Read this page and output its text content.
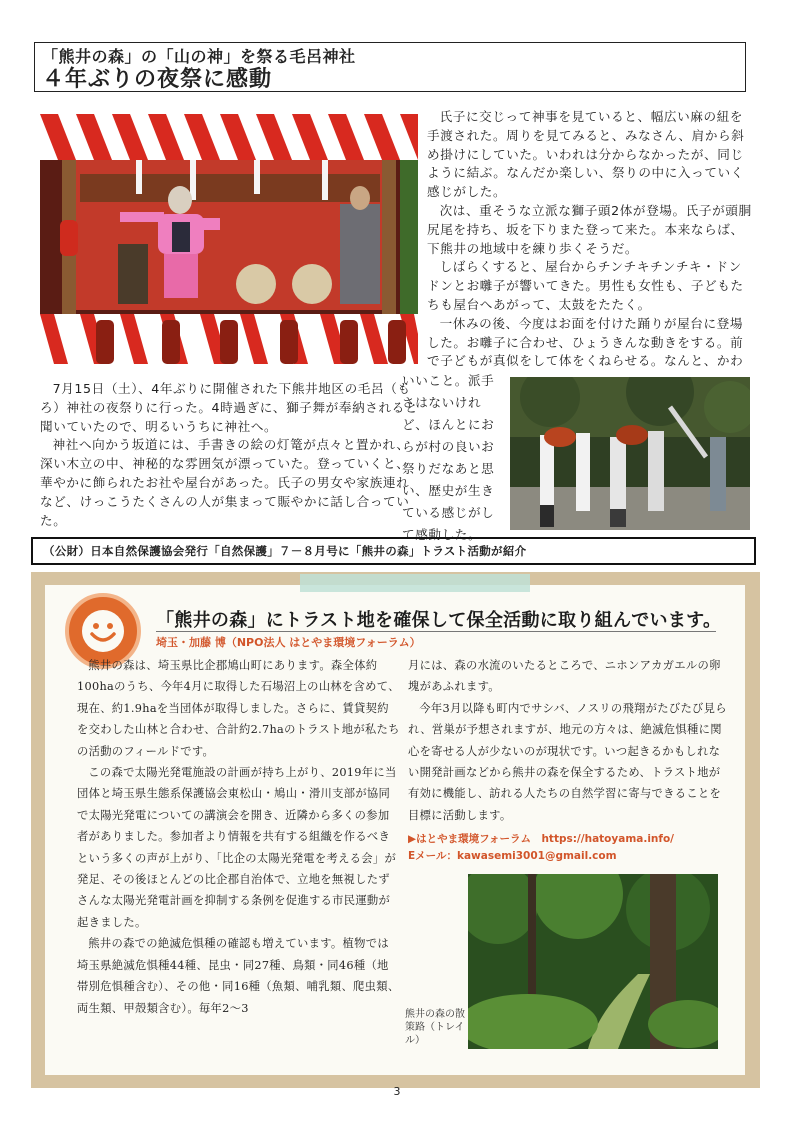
「熊井の森」の「山の神」を祭る毛呂神社
４年ぶりの夜祭に感動

氏子に交じって神事を見ていると、幅広い麻の紐を手渡された。周りを見てみると、みなさん、肩から斜め掛けにしていた。いわれは分からなかったが、同じように結ぶ。なんだか楽しい、祭りの中に入っていく感じがした。

次は、重そうな立派な獅子頭2体が登場。氏子が頭胴尻尾を持ち、坂を下りまた登って来た。本来ならば、下熊井の地域中を練り歩くそうだ。

しばらくすると、屋台からチンチキチンチキ・ドンドンとお囃子が響いてきた。男性も女性も、子どもたちも屋台へあがって、太鼓をたたく。

一休みの後、今度はお面を付けた踊りが屋台に登場した。お囃子に合わせ、ひょうきんな動きをする。前で子どもが真似をして体をくねらせる。なんと、かわ

いいこと。派手さはないけれど、ほんとにおらが村の良いお祭りだなあと思い、歴史が生きている感じがして感動した。

7月15日（土）、4年ぶりに開催された下熊井地区の毛呂（もろ）神社の夜祭りに行った。4時過ぎに、獅子舞が奉納されると聞いていたので、明るいうちに神社へ。

神社へ向かう坂道には、手書きの絵の灯篭が点々と置かれ、深い木立の中、神秘的な雰囲気が漂っていた。登っていくと、華やかに飾られたお社や屋台があった。氏子の男女や家族連れなど、けっこうたくさんの人が集まって賑やかに話し合っていた。

（公財）日本自然保護協会発行「自然保護」７－８月号に「熊井の森」トラスト活動が紹介
「熊井の森」にトラスト地を確保して保全活動に取り組んでいます。
埼玉・加藤 博（NPO法人 はとやま環境フォーラム）

熊井の森は、埼玉県比企郡鳩山町にあります。森全体約100haのうち、今年4月に取得した石場沼上の山林を含めて、現在、約1.9haを当団体が取得しました。さらに、賃貸契約を交わした山林と合わせ、合計約2.7haのトラスト地が私たちの活動のフィールドです。

この森で太陽光発電施設の計画が持ち上がり、2019年に当団体と埼玉県生態系保護協会東松山・鳩山・滑川支部が協同で太陽光発電についての講演会を開き、近隣から多くの参加者がありました。参加者より情報を共有する組織を作るべきという多くの声が上がり、「比企の太陽光発電を考える会」が発足、その後ほとんどの比企郡自治体で、立地を無視したずさんな太陽光発電計画を抑制する条例を促進する市民運動が起きました。

熊井の森での絶滅危惧種の確認も増えています。植物では埼玉県絶滅危惧種44種、昆虫・同27種、鳥類・同46種（地帯別危惧種含む）、その他・同16種（魚類、哺乳類、爬虫類、両生類、甲殻類含む）。毎年2～3

月には、森の水流のいたるところで、ニホンアカガエルの卵塊があふれます。

今年3月以降も町内でサシバ、ノスリの飛翔がたびたび見られ、営巣が予想されますが、地元の方々は、絶滅危惧種に関心を寄せる人が少ないのが現状です。いつ起きるかもしれない開発計画などから熊井の森を保全するため、トラスト地が有効に機能し、訪れる人たちの自然学習に寄与できることを目標に活動します。

▶はとやま環境フォーラム　https://hatoyama.info/
Eメール：kawasemi3001@gmail.com
熊井の森の散策路（トレイル）
3
